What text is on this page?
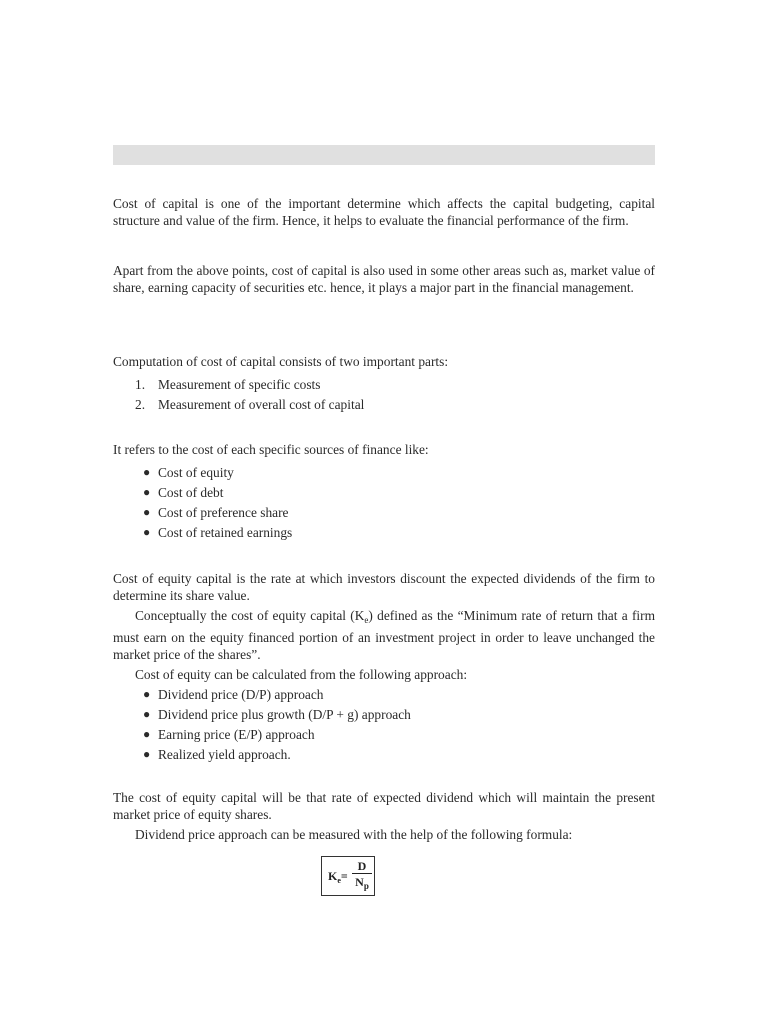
Cost of capital is one of the important determine which affects the capital budgeting, capital structure and value of the firm. Hence, it helps to evaluate the financial performance of the firm.

Apart from the above points, cost of capital is also used in some other areas such as, market value of share, earning capacity of securities etc. hence, it plays a major part in the financial management.

Computation of cost of capital consists of two important parts:

1. Measurement of specific costs
2. Measurement of overall cost of capital

It refers to the cost of each specific sources of finance like:

● Cost of equity
● Cost of debt
● Cost of preference share
● Cost of retained earnings

Cost of equity capital is the rate at which investors discount the expected dividends of the firm to determine its share value.

Conceptually the cost of equity capital $(K_e)$ defined as the “Minimum rate of return that a firm must earn on the equity financed portion of an investment project in order to leave unchanged the market price of the shares”.

Cost of equity can be calculated from the following approach:

● Dividend price (D/P) approach
● Dividend price plus growth (D/P + g) approach
● Earning price (E/P) approach
● Realized yield approach.

The cost of equity capital will be that rate of expected dividend which will maintain the present market price of equity shares.

Dividend price approach can be measured with the help of the following formula:

$K_e= \frac{D}{N_p}$
